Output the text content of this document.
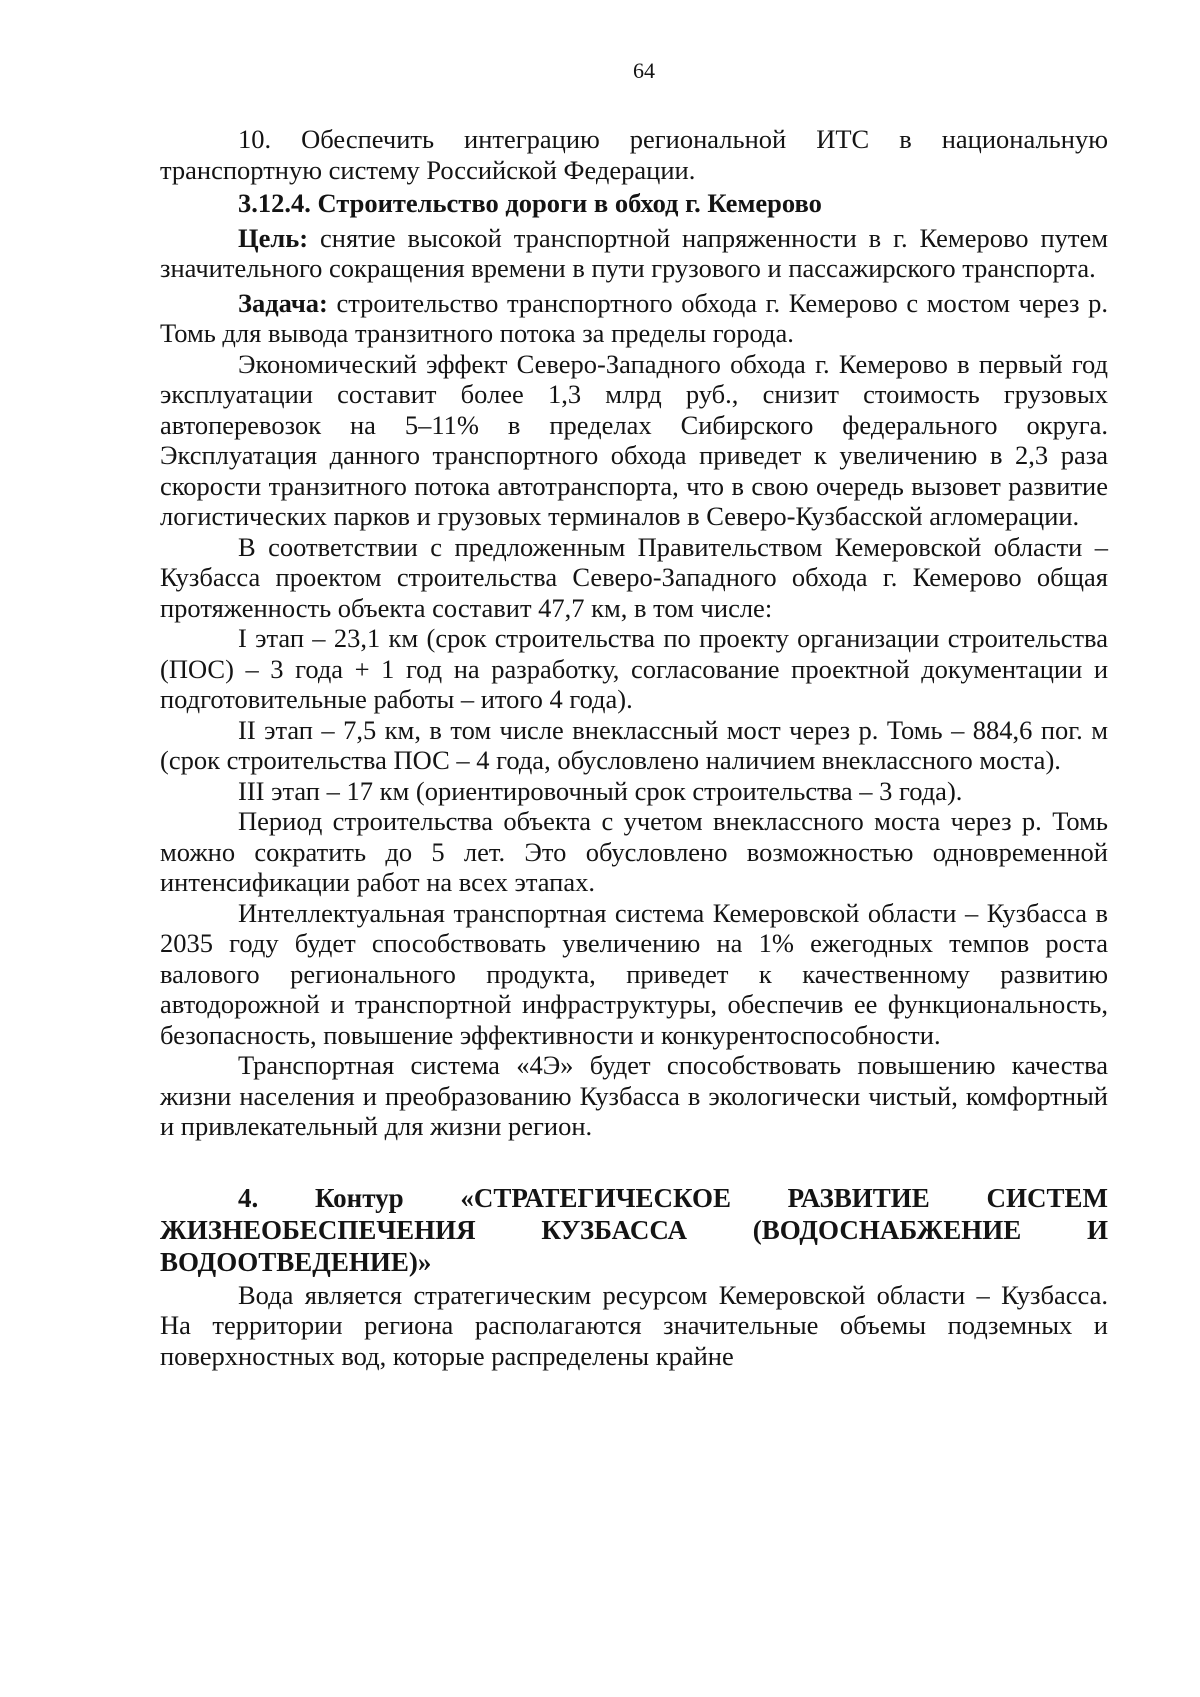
64

10. Обеспечить интеграцию региональной ИТС в национальную транспортную систему Российской Федерации.

3.12.4. Строительство дороги в обход г. Кемерово

Цель: снятие высокой транспортной напряженности в г. Кемерово путем значительного сокращения времени в пути грузового и пассажирского транспорта.

Задача: строительство транспортного обхода г. Кемерово с мостом через р. Томь для вывода транзитного потока за пределы города.

Экономический эффект Северо-Западного обхода г. Кемерово в первый год эксплуатации составит более 1,3 млрд руб., снизит стоимость грузовых автоперевозок на 5–11% в пределах Сибирского федерального округа. Эксплуатация данного транспортного обхода приведет к увеличению в 2,3 раза скорости транзитного потока автотранспорта, что в свою очередь вызовет развитие логистических парков и грузовых терминалов в Северо-Кузбасской агломерации.

В соответствии с предложенным Правительством Кемеровской области – Кузбасса проектом строительства Северо-Западного обхода г. Кемерово общая протяженность объекта составит 47,7 км, в том числе:

I этап – 23,1 км (срок строительства по проекту организации строительства (ПОС) – 3 года + 1 год на разработку, согласование проектной документации и подготовительные работы – итого 4 года).

II этап – 7,5 км, в том числе внеклассный мост через р. Томь – 884,6 пог. м (срок строительства ПОС – 4 года, обусловлено наличием внеклассного моста).

III этап – 17 км (ориентировочный срок строительства – 3 года).

Период строительства объекта с учетом внеклассного моста через р. Томь можно сократить до 5 лет. Это обусловлено возможностью одновременной интенсификации работ на всех этапах.

Интеллектуальная транспортная система Кемеровской области – Кузбасса в 2035 году будет способствовать увеличению на 1% ежегодных темпов роста валового регионального продукта, приведет к качественному развитию автодорожной и транспортной инфраструктуры, обеспечив ее функциональность, безопасность, повышение эффективности и конкурентоспособности.

Транспортная система «4Э» будет способствовать повышению качества жизни населения и преобразованию Кузбасса в экологически чистый, комфортный и привлекательный для жизни регион.

4. Контур «СТРАТЕГИЧЕСКОЕ РАЗВИТИЕ СИСТЕМ ЖИЗНЕОБЕСПЕЧЕНИЯ КУЗБАССА (ВОДОСНАБЖЕНИЕ И ВОДООТВЕДЕНИЕ)»

Вода является стратегическим ресурсом Кемеровской области – Кузбасса. На территории региона располагаются значительные объемы подземных и поверхностных вод, которые распределены крайне
